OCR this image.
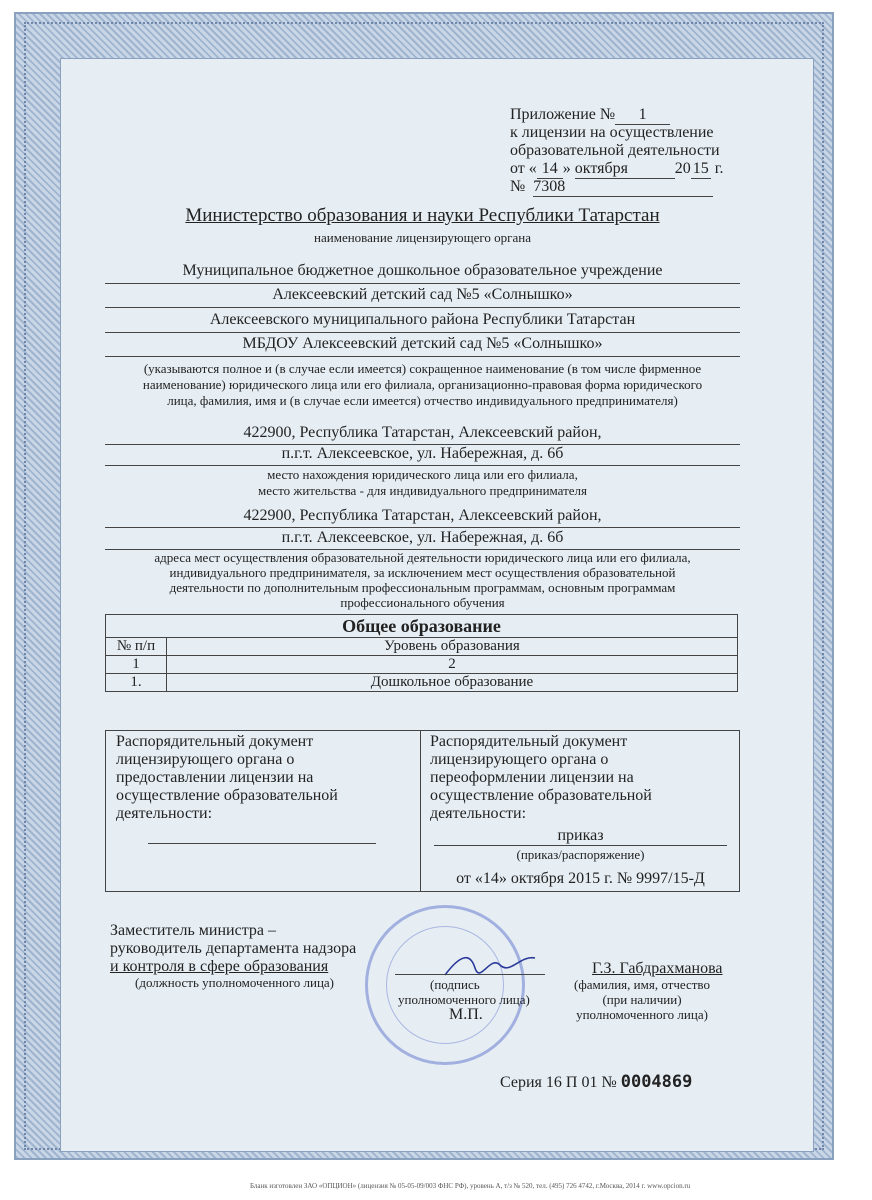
Приложение № 1
к лицензии на осуществление
образовательной деятельности
от « 14 » октября	20 15 г.
№ 7308
Министерство образования и науки Республики Татарстан
наименование лицензирующего органа
Муниципальное бюджетное дошкольное образовательное учреждение
Алексеевский детский сад №5 «Солнышко»
Алексеевского муниципального района Республики Татарстан
МБДОУ Алексеевский детский сад №5 «Солнышко»
(указываются полное и (в случае если имеется) сокращенное наименование (в том числе фирменное
наименование) юридического лица или его филиала, организационно-правовая форма юридического
лица, фамилия, имя и (в случае если имеется) отчество индивидуального предпринимателя)
422900, Республика Татарстан, Алексеевский район,
п.г.т. Алексеевское, ул. Набережная, д. 6б
место нахождения юридического лица или его филиала,
место жительства - для индивидуального предпринимателя
422900, Республика Татарстан, Алексеевский район,
п.г.т. Алексеевское, ул. Набережная, д. 6б
адреса мест осуществления образовательной деятельности юридического лица или его филиала,
индивидуального предпринимателя, за исключением мест осуществления образовательной
деятельности по дополнительным профессиональным программам, основным программам
профессионального обучения
Общее образование	
№ п/п	Уровень образования
1	2
1.	Дошкольное образование
Распорядительный документ
лицензирующего органа о
предоставлении лицензии на
осуществление образовательной
деятельности:
Распорядительный документ
лицензирующего органа о
переоформлении лицензии на
осуществление образовательной
деятельности:
приказ
(приказ/распоряжение)
от «14» октября 2015 г. № 9997/15-Д
Заместитель министра –
руководитель департамента надзора
и контроля в сфере образования
(должность уполномоченного лица)	(подпись
уполномоченного лица)
М.П.
Г.З. Габдрахманова
(фамилия, имя, отчество
(при наличии)
уполномоченного лица)
Серия 16 П 01 № 0004869
Бланк изготовлен ЗАО «ОПЦИОН» (лицензия № 05-05-09/003 ФНС РФ), уровень А, т/з № 520, тел. (495) 726 4742, г.Москва, 2014 г. www.opcion.ru
